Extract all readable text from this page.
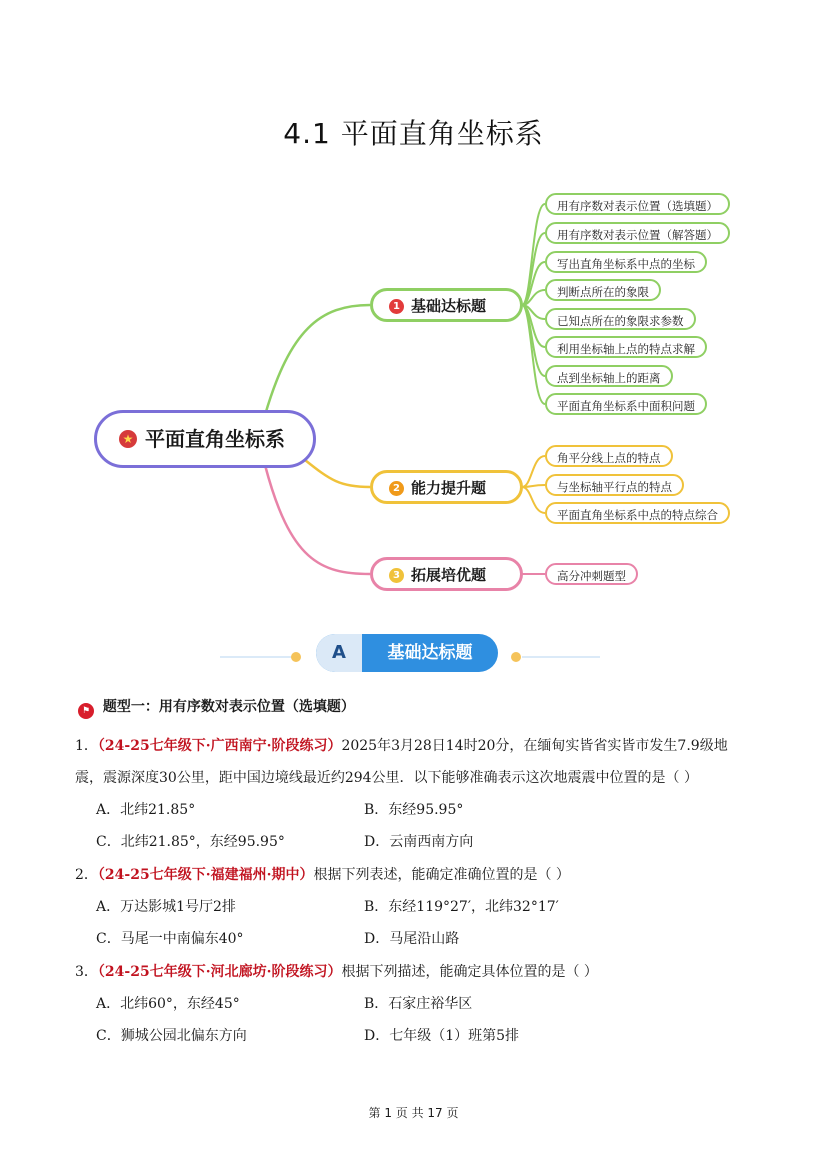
4.1 平面直角坐标系
★ 平面直角坐标系
1 基础达标题
2 能力提升题
3 拓展培优题
用有序数对表示位置（选填题）
用有序数对表示位置（解答题）
写出直角坐标系中点的坐标
判断点所在的象限
已知点所在的象限求参数
利用坐标轴上点的特点求解
点到坐标轴上的距离
平面直角坐标系中面积问题
角平分线上点的特点
与坐标轴平行点的特点
平面直角坐标系中点的特点综合
高分冲刺题型
A	基础达标题
⚑ 题型一：用有序数对表示位置（选填题）
1．（24-25七年级下·广西南宁·阶段练习）2025年3月28日14时20分，在缅甸实皆省实皆市发生7.9级地
震，震源深度30公里，距中国边境线最近约294公里．以下能够准确表示这次地震震中位置的是（ ）
A．北纬21.85°	B．东经95.95°
C．北纬21.85°，东经95.95°	D．云南西南方向
2．（24-25七年级下·福建福州·期中）根据下列表述，能确定准确位置的是（ ）
A．万达影城1号厅2排	B．东经119°27′，北纬32°17′
C．马尾一中南偏东40°	D．马尾沿山路
3．（24-25七年级下·河北廊坊·阶段练习）根据下列描述，能确定具体位置的是（ ）
A．北纬60°，东经45°	B．石家庄裕华区
C．狮城公园北偏东方向	D．七年级（1）班第5排
第 1 页 共 17 页
